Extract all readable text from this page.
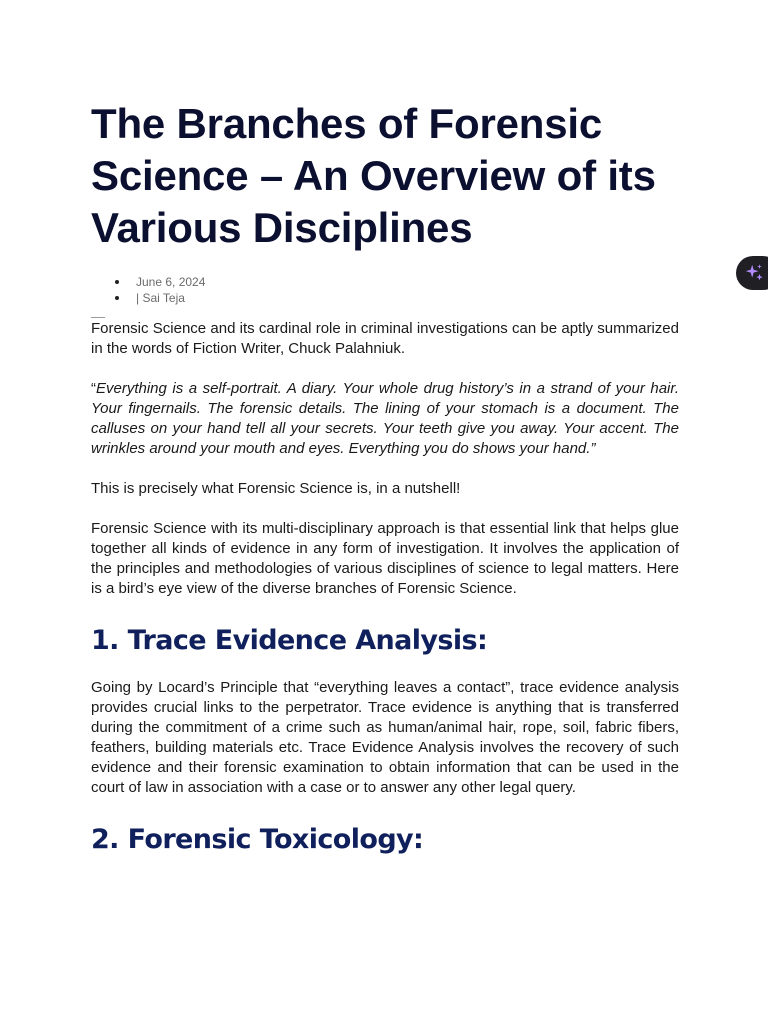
The Branches of Forensic Science – An Overview of its Various Disciplines
June 6, 2024
| Sai Teja

Forensic Science and its cardinal role in criminal investigations can be aptly summarized in the words of Fiction Writer, Chuck Palahniuk.

“Everything is a self-portrait. A diary. Your whole drug history’s in a strand of your hair. Your fingernails. The forensic details. The lining of your stomach is a document. The calluses on your hand tell all your secrets. Your teeth give you away. Your accent. The wrinkles around your mouth and eyes. Everything you do shows your hand.”

This is precisely what Forensic Science is, in a nutshell!

Forensic Science with its multi-disciplinary approach is that essential link that helps glue together all kinds of evidence in any form of investigation. It involves the application of the principles and methodologies of various disciplines of science to legal matters. Here is a bird’s eye view of the diverse branches of Forensic Science.

1. Trace Evidence Analysis:

Going by Locard’s Principle that “everything leaves a contact”, trace evidence analysis provides crucial links to the perpetrator. Trace evidence is anything that is transferred during the commitment of a crime such as human/animal hair, rope, soil, fabric fibers, feathers, building materials etc. Trace Evidence Analysis involves the recovery of such evidence and their forensic examination to obtain information that can be used in the court of law in association with a case or to answer any other legal query.

2. Forensic Toxicology:
